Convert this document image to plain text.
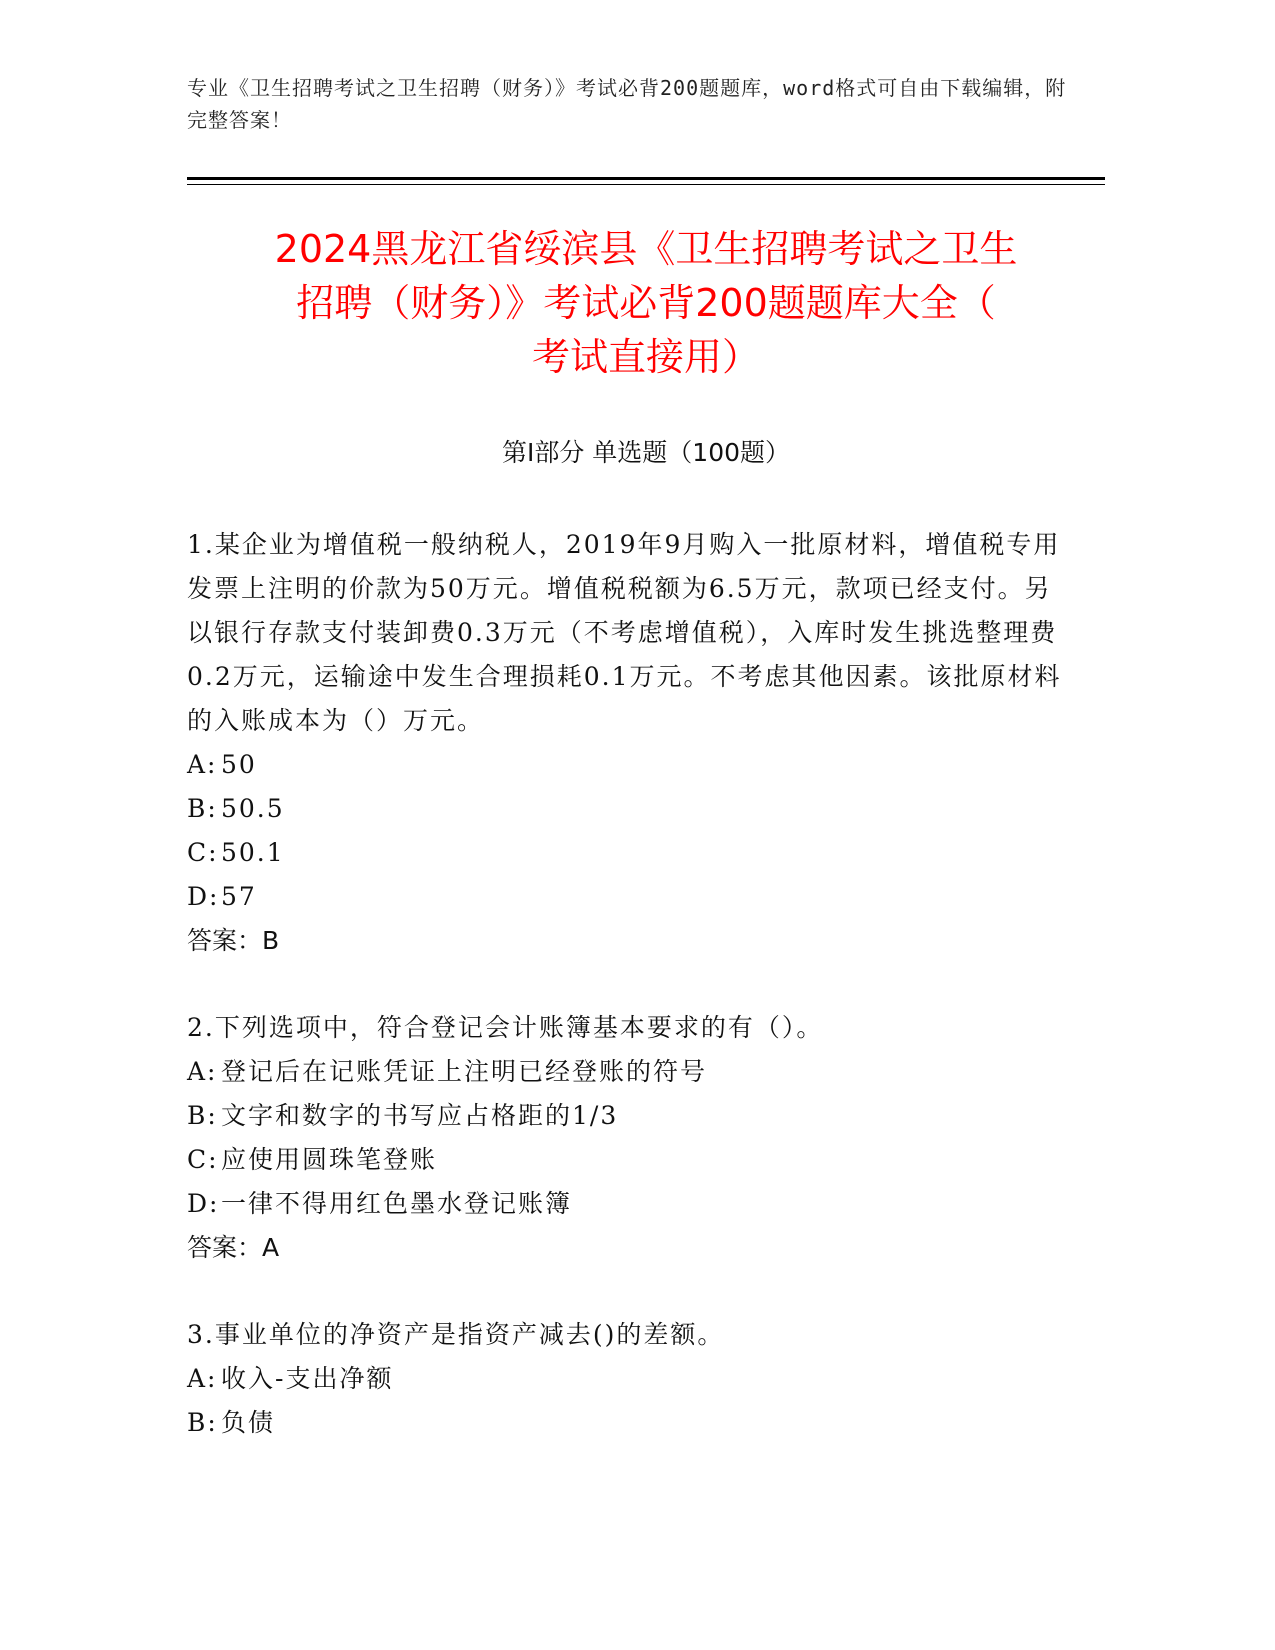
专业《卫生招聘考试之卫生招聘（财务）》考试必背200题题库，word格式可自由下载编辑，附完整答案！
2024黑龙江省绥滨县《卫生招聘考试之卫生
招聘（财务）》考试必背200题题库大全（
考试直接用）
第I部分 单选题（100题）

1.某企业为增值税一般纳税人，2019年9月购入一批原材料，增值税专用发票上注明的价款为50万元。增值税税额为6.5万元，款项已经支付。另以银行存款支付装卸费0.3万元（不考虑增值税），入库时发生挑选整理费0.2万元，运输途中发生合理损耗0.1万元。不考虑其他因素。该批原材料的入账成本为（）万元。

A: 50

B: 50.5

C:50.1

D:57

答案：B

2.下列选项中，符合登记会计账簿基本要求的有（）。

A: 登记后在记账凭证上注明已经登账的符号

B: 文字和数字的书写应占格距的1/3

C:应使用圆珠笔登账

D:一律不得用红色墨水登记账簿

答案：A

3.事业单位的净资产是指资产减去()的差额。

A: 收入-支出净额

B: 负债
